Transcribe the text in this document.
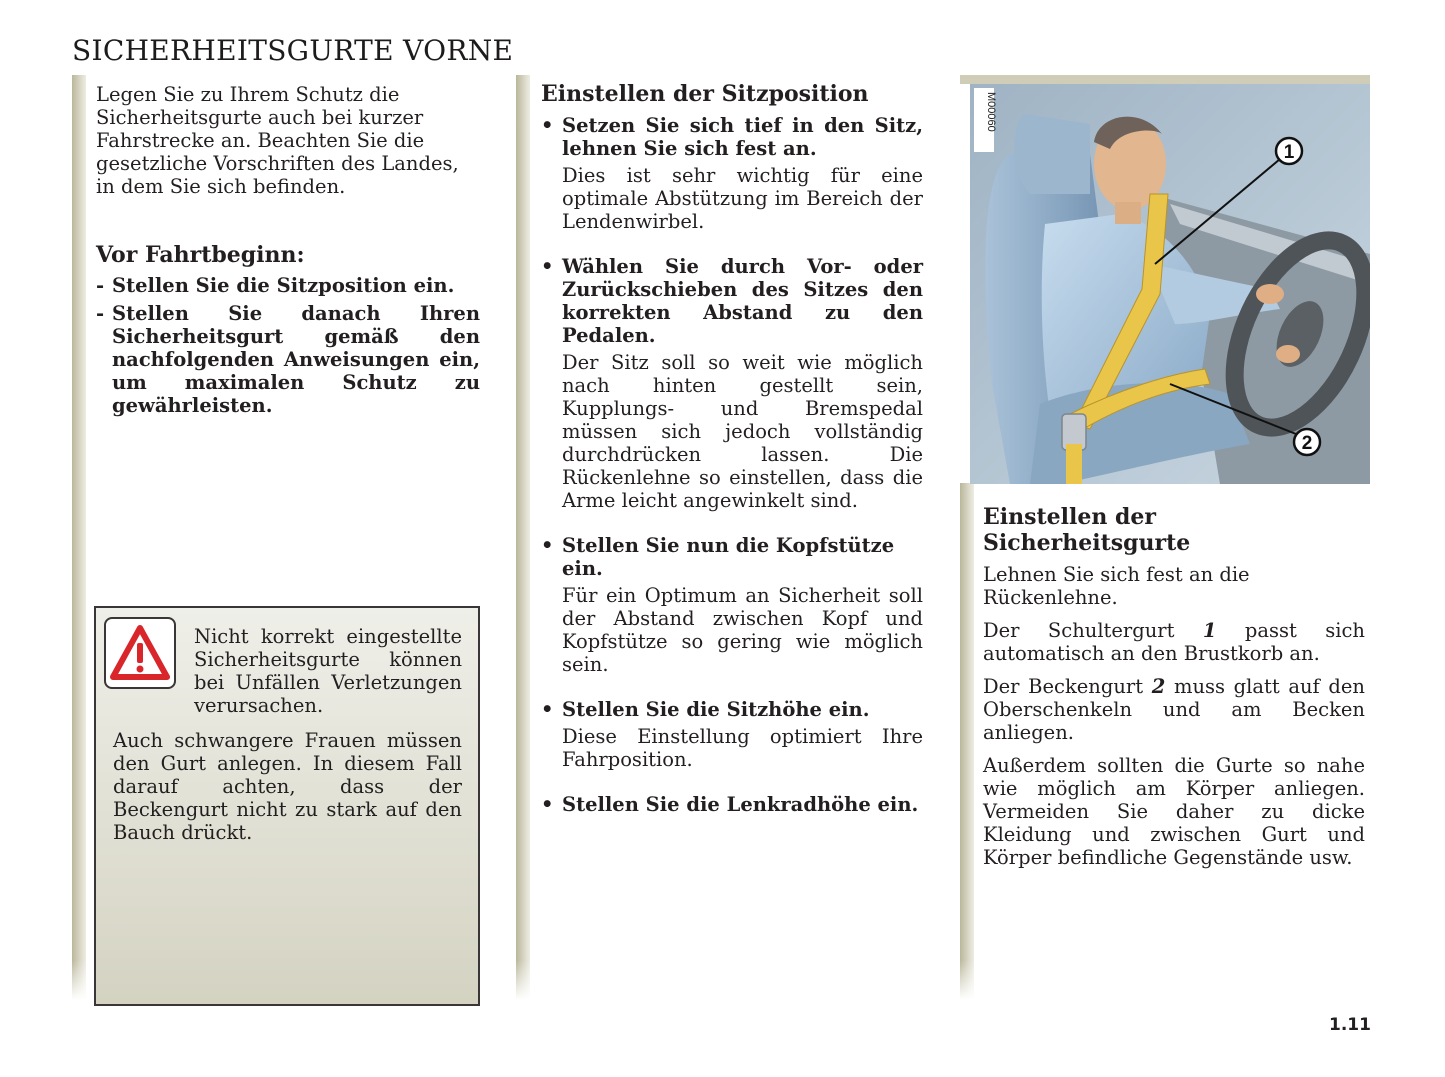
SICHERHEITSGURTE VORNE

Legen Sie zu Ihrem Schutz die Sicherheitsgurte auch bei kurzer Fahrstrecke an. Beachten Sie die gesetzliche Vorschriften des Landes, in dem Sie sich befinden.

Vor Fahrtbeginn:
- Stellen Sie die Sitzposition ein.
- Stellen Sie danach Ihren Sicherheitsgurt gemäß den nachfolgenden Anweisungen ein, um maximalen Schutz zu gewährleisten.

Nicht korrekt eingestellte Sicherheitsgurte können bei Unfällen Verletzungen verursachen.

Auch schwangere Frauen müssen den Gurt anlegen. In diesem Fall darauf achten, dass der Beckengurt nicht zu stark auf den Bauch drückt.

Einstellen der Sitzposition
• Setzen Sie sich tief in den Sitz, lehnen Sie sich fest an.

Dies ist sehr wichtig für eine optimale Abstützung im Bereich der Lendenwirbel.

• Wählen Sie durch Vor- oder Zurückschieben des Sitzes den korrekten Abstand zu den Pedalen.

Der Sitz soll so weit wie möglich nach hinten gestellt sein, Kupplungs- und Bremspedal müssen sich jedoch vollständig durchdrücken lassen. Die Rückenlehne so einstellen, dass die Arme leicht angewinkelt sind.

• Stellen Sie nun die Kopfstütze ein.

Für ein Optimum an Sicherheit soll der Abstand zwischen Kopf und Kopfstütze so gering wie möglich sein.

• Stellen Sie die Sitzhöhe ein.

Diese Einstellung optimiert Ihre Fahrposition.

• Stellen Sie die Lenkradhöhe ein.

Einstellen der Sicherheitsgurte

Lehnen Sie sich fest an die Rückenlehne.

Der Schultergurt 1 passt sich automatisch an den Brustkorb an.

Der Beckengurt 2 muss glatt auf den Oberschenkeln und am Becken anliegen.

Außerdem sollten die Gurte so nahe wie möglich am Körper anliegen. Vermeiden Sie daher zu dicke Kleidung und zwischen Gurt und Körper befindliche Gegenstände usw.

1
2
M00060
1.11
